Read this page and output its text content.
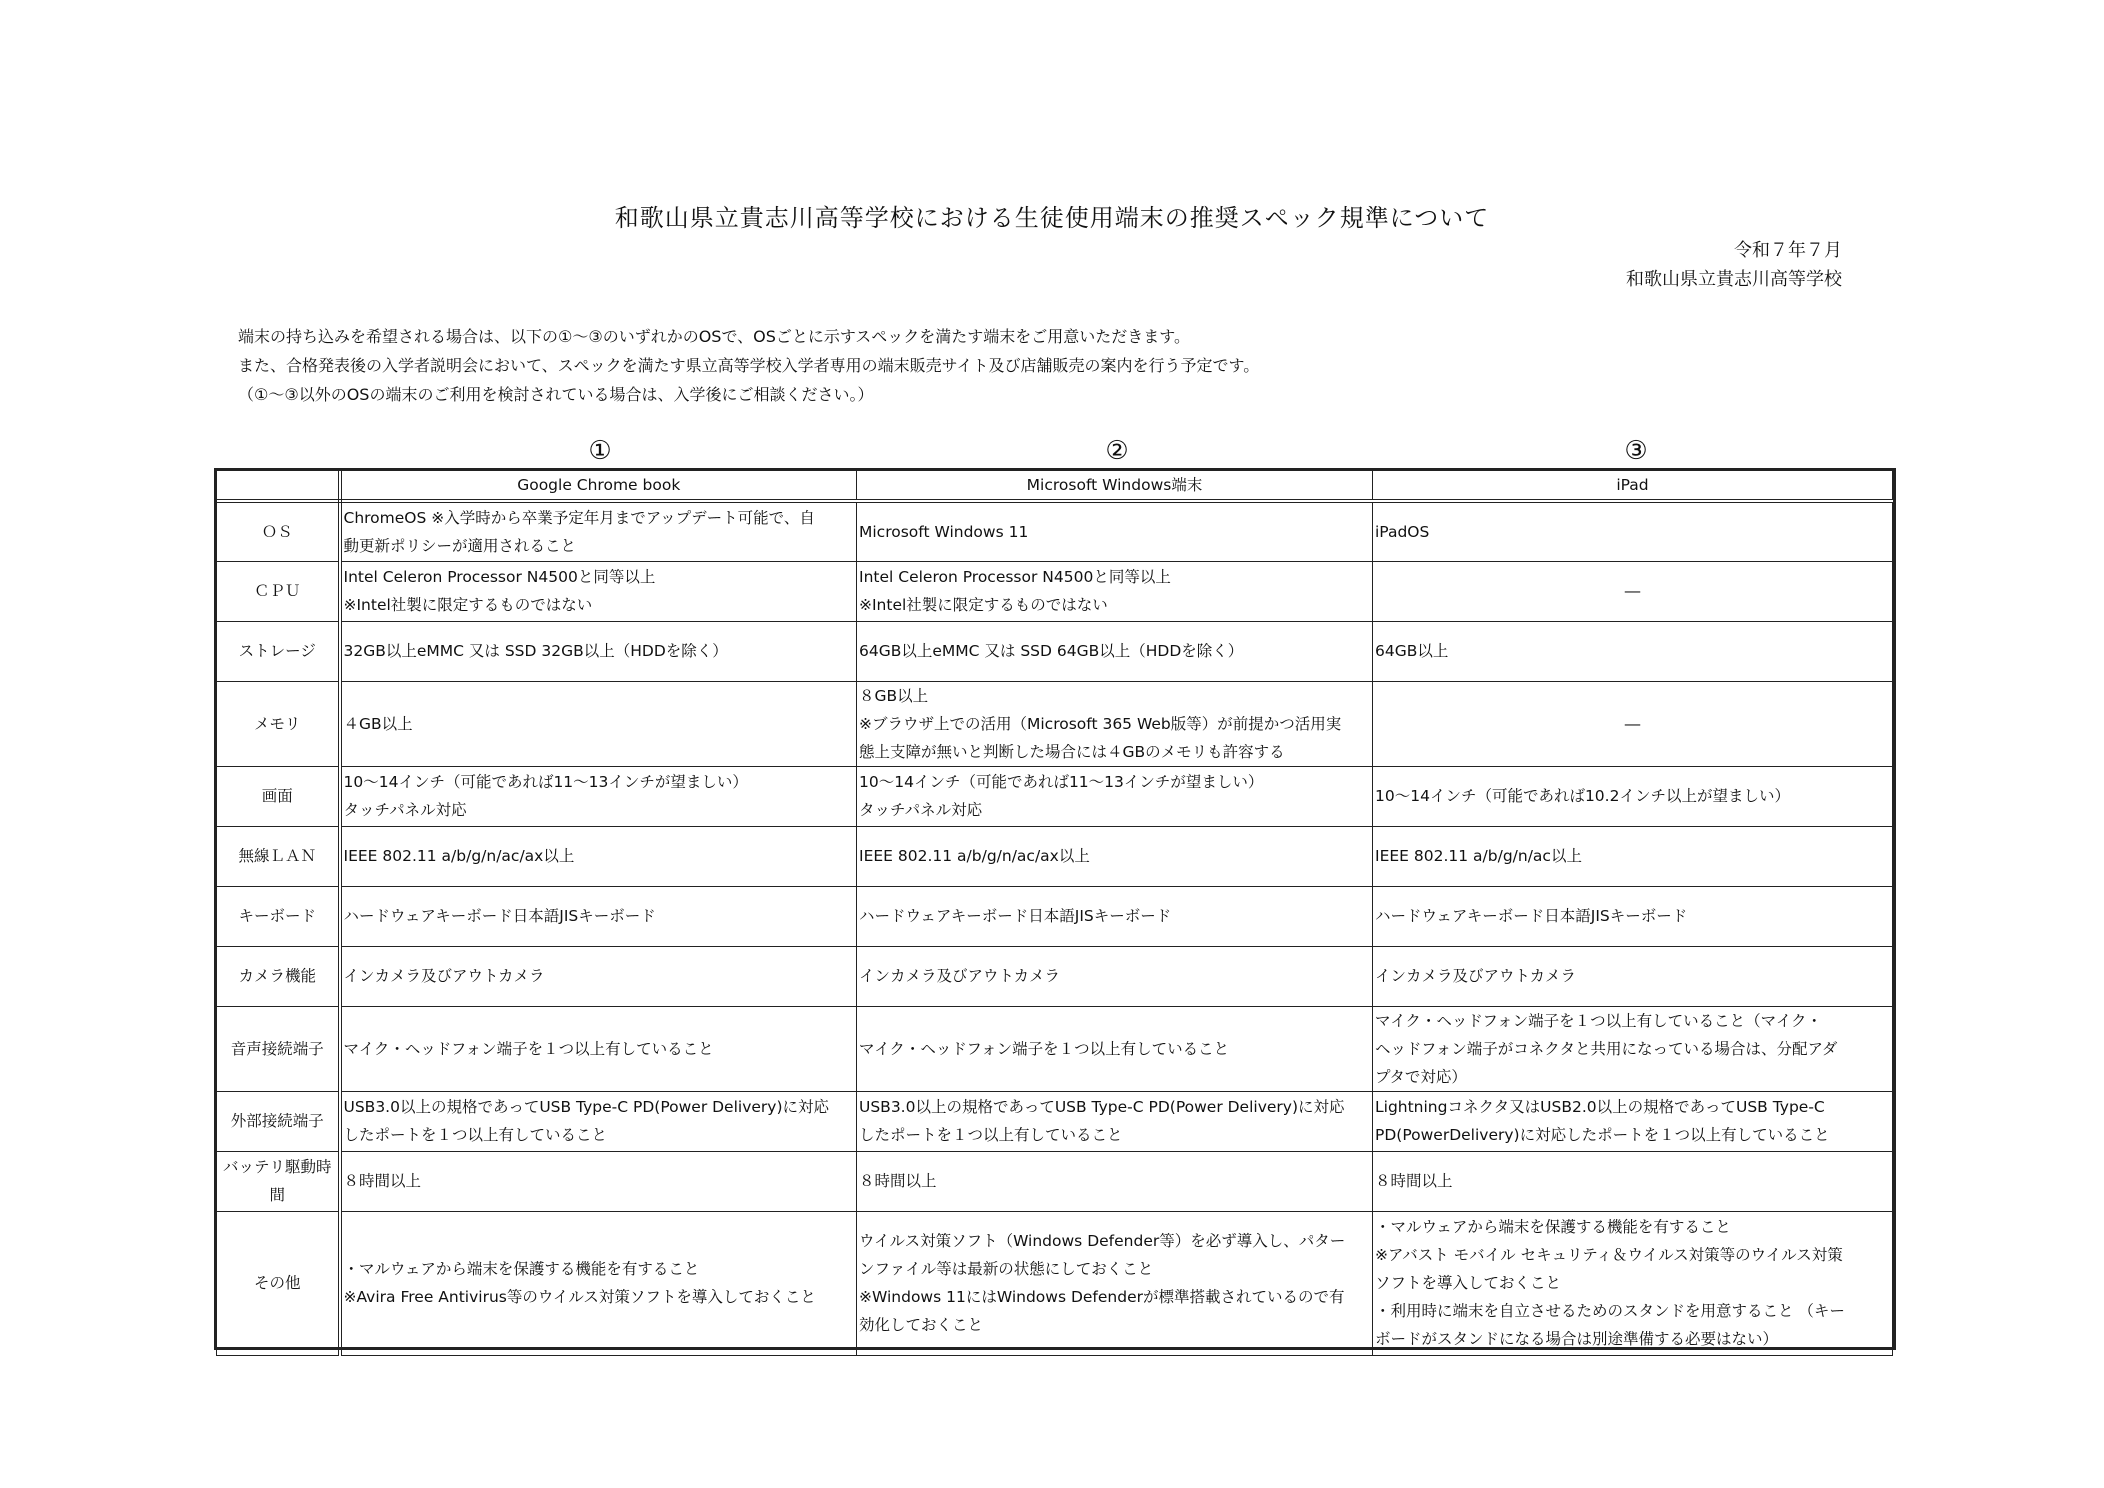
和歌山県立貴志川高等学校における生徒使用端末の推奨スペック規準について
令和７年７月
和歌山県立貴志川高等学校

端末の持ち込みを希望される場合は、以下の①～③のいずれかのOSで、OSごとに示すスペックを満たす端末をご用意いただきます。

また、合格発表後の入学者説明会において、スペックを満たす県立高等学校入学者専用の端末販売サイト及び店舗販売の案内を行う予定です。

（①～③以外のOSの端末のご利用を検討されている場合は、入学後にご相談ください。）

①	②	③
	Google Chrome book	Microsoft Windows端末	iPad
ＯＳ	ChromeOS ※入学時から卒業予定年月までアップデート可能で、自
動更新ポリシーが適用されること	Microsoft Windows 11	iPadOS

ＣＰＵ	Intel Celeron Processor N4500と同等以上
※Intel社製に限定するものではない	Intel Celeron Processor N4500と同等以上
※Intel社製に限定するものではない	―

ストレージ	32GB以上eMMC 又は SSD 32GB以上（HDDを除く）	64GB以上eMMC 又は SSD 64GB以上（HDDを除く）	64GB以上

メモリ	４GB以上	８GB以上
※ブラウザ上での活用（Microsoft 365 Web版等）が前提かつ活用実
態上支障が無いと判断した場合には４GBのメモリも許容する	―

画面	10～14インチ（可能であれば11～13インチが望ましい）
タッチパネル対応	10～14インチ（可能であれば11～13インチが望ましい）
タッチパネル対応	10～14インチ（可能であれば10.2インチ以上が望ましい）

無線ＬＡＮ	IEEE 802.11 a/b/g/n/ac/ax以上	IEEE 802.11 a/b/g/n/ac/ax以上	IEEE 802.11 a/b/g/n/ac以上

キーボード	ハードウェアキーボード日本語JISキーボード	ハードウェアキーボード日本語JISキーボード	ハードウェアキーボード日本語JISキーボード

カメラ機能	インカメラ及びアウトカメラ	インカメラ及びアウトカメラ	インカメラ及びアウトカメラ

音声接続端子	マイク・ヘッドフォン端子を１つ以上有していること	マイク・ヘッドフォン端子を１つ以上有していること	マイク・ヘッドフォン端子を１つ以上有していること（マイク・
ヘッドフォン端子がコネクタと共用になっている場合は、分配アダ
プタで対応）

外部接続端子	USB3.0以上の規格であってUSB Type-C PD(Power Delivery)に対応
したポートを１つ以上有していること	USB3.0以上の規格であってUSB Type-C PD(Power Delivery)に対応
したポートを１つ以上有していること	Lightningコネクタ又はUSB2.0以上の規格であってUSB Type-C
PD(PowerDelivery)に対応したポートを１つ以上有していること

バッテリ駆動時間	８時間以上	８時間以上	８時間以上

その他	・マルウェアから端末を保護する機能を有すること
※Avira Free Antivirus等のウイルス対策ソフトを導入しておくこと	ウイルス対策ソフト（Windows Defender等）を必ず導入し、パター
ンファイル等は最新の状態にしておくこと
※Windows 11にはWindows Defenderが標準搭載されているので有
効化しておくこと	・マルウェアから端末を保護する機能を有すること
※アバスト モバイル セキュリティ＆ウイルス対策等のウイルス対策
ソフトを導入しておくこと
・利用時に端末を自立させるためのスタンドを用意すること （キー
ボードがスタンドになる場合は別途準備する必要はない）
